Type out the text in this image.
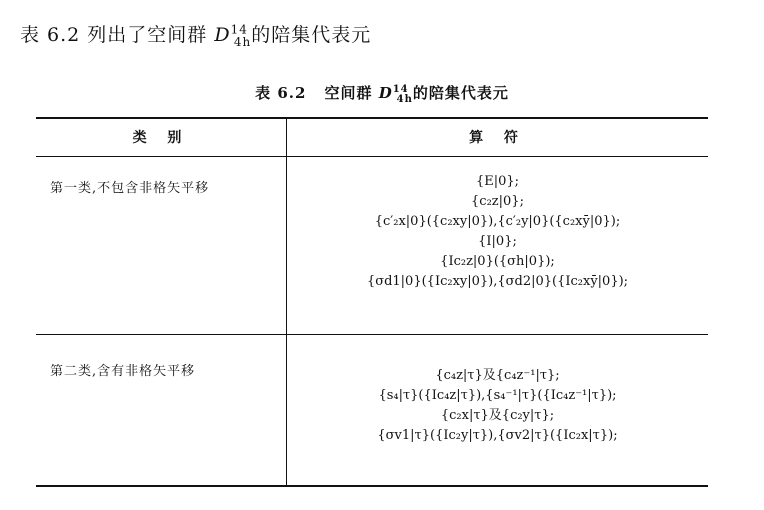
表 6.2 列出了空间群 $D^{14}_{4h}$的陪集代表元
表 6.2 空间群 $D^{14}_{4h}$的陪集代表元
类 别	算 符
第一类,不包含非格矢平移	{E|0};
{c₂z|0};
{c′₂x|0}({c₂xy|0}),{c′₂y|0}({c₂xȳ|0});
{I|0};
{Ic₂z|0}({σh|0});
{σd1|0}({Ic₂xy|0}),{σd2|0}({Ic₂xȳ|0});
第二类,含有非格矢平移	{c₄z|τ}及{c₄z⁻¹|τ};
{s₄|τ}({Ic₄z|τ}),{s₄⁻¹|τ}({Ic₄z⁻¹|τ});
{c₂x|τ}及{c₂y|τ};
{σv1|τ}({Ic₂y|τ}),{σv2|τ}({Ic₂x|τ});
